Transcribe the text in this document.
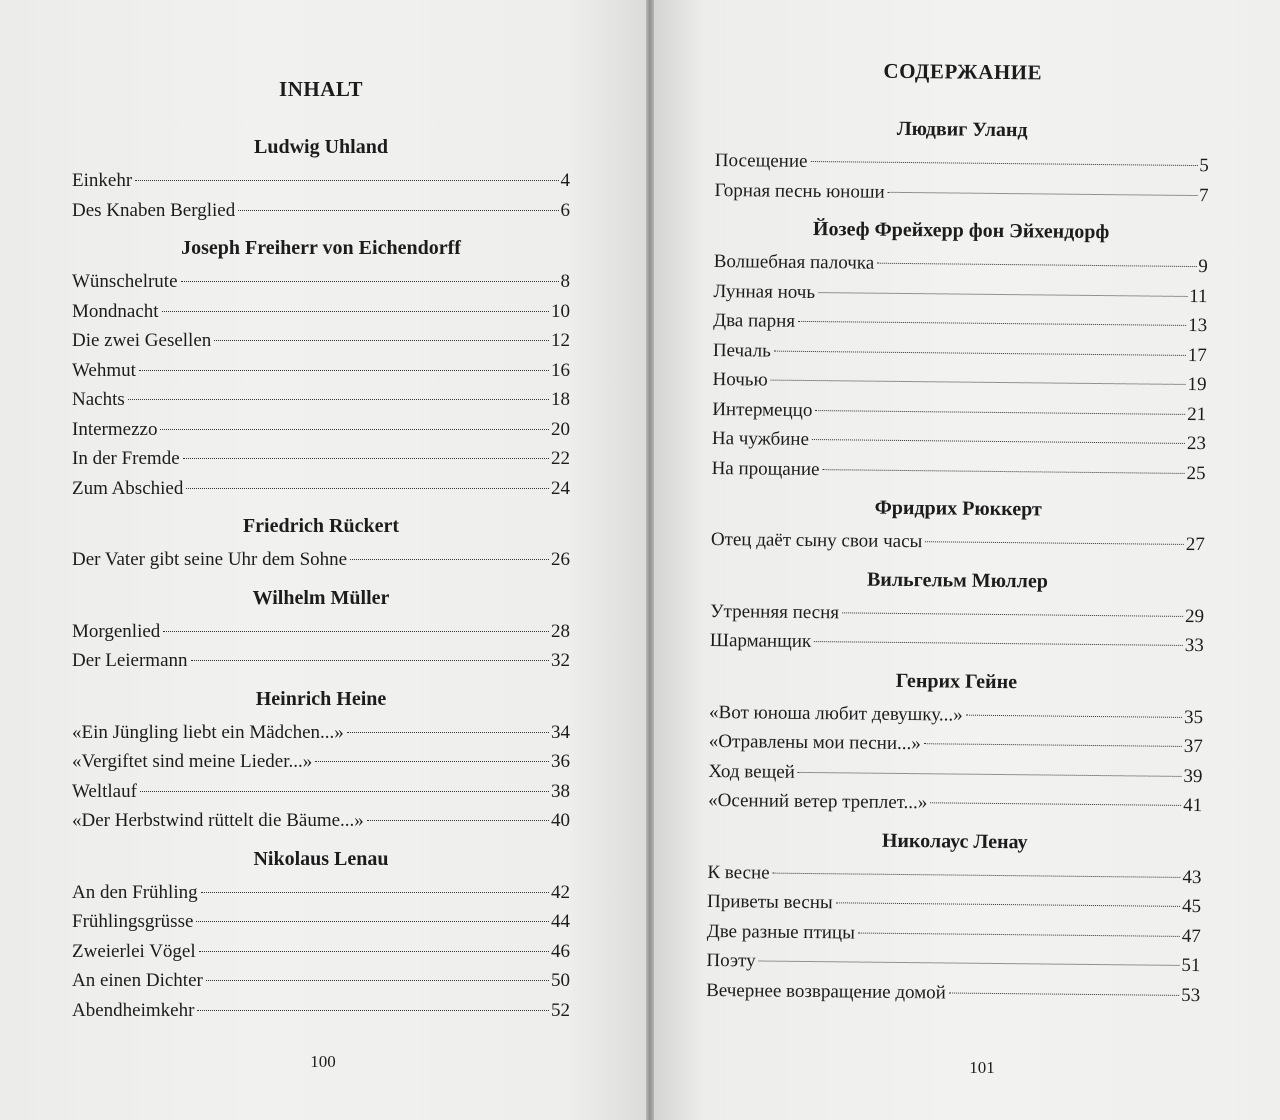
INHALT
Ludwig Uhland
Einkehr	4
Des Knaben Berglied	6
Joseph Freiherr von Eichendorff
Wünschelrute	8
Mondnacht	10
Die zwei Gesellen	12
Wehmut	16
Nachts	18
Intermezzo	20
In der Fremde	22
Zum Abschied	24
Friedrich Rückert
Der Vater gibt seine Uhr dem Sohne	26
Wilhelm Müller
Morgenlied	28
Der Leiermann	32
Heinrich Heine
«Ein Jüngling liebt ein Mädchen...»	34
«Vergiftet sind meine Lieder...»	36
Weltlauf	38
«Der Herbstwind rüttelt die Bäume...»	40
Nikolaus Lenau
An den Frühling	42
Frühlingsgrüsse	44
Zweierlei Vögel	46
An einen Dichter	50
Abendheimkehr	52
100
СОДЕРЖАНИЕ
Людвиг Уланд
Посещение	5
Горная песнь юноши	7
Йозеф Фрейхерр фон Эйхендорф
Волшебная палочка	9
Лунная ночь	11
Два парня	13
Печаль	17
Ночью	19
Интермеццо	21
На чужбине	23
На прощание	25
Фридрих Рюккерт
Отец даёт сыну свои часы	27
Вильгельм Мюллер
Утренняя песня	29
Шарманщик	33
Генрих Гейне
«Вот юноша любит девушку...»	35
«Отравлены мои песни...»	37
Ход вещей	39
«Осенний ветер треплет...»	41
Николаус Ленау
К весне	43
Приветы весны	45
Две разные птицы	47
Поэту	51
Вечернее возвращение домой	53
101
